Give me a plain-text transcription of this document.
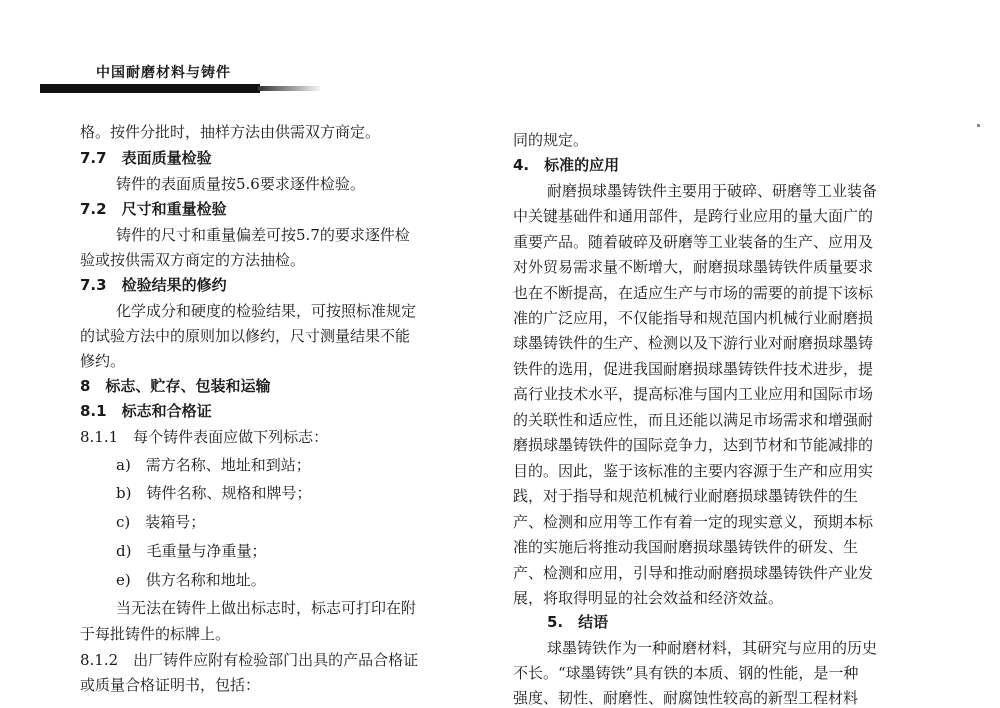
中国耐磨材料与铸件
格。按件分批时，抽样方法由供需双方商定。
7.7　表面质量检验
铸件的表面质量按5.6要求逐件检验。
7.2　尺寸和重量检验
铸件的尺寸和重量偏差可按5.7的要求逐件检
验或按供需双方商定的方法抽检。
7.3　检验结果的修约
化学成分和硬度的检验结果，可按照标准规定
的试验方法中的原则加以修约，尺寸测量结果不能
修约。
8　标志、贮存、包装和运输
8.1　标志和合格证
8.1.1　每个铸件表面应做下列标志：
a)　需方名称、地址和到站；
b)　铸件名称、规格和牌号；
c)　装箱号；
d)　毛重量与净重量；
e)　供方名称和地址。
当无法在铸件上做出标志时，标志可打印在附
于每批铸件的标牌上。
8.1.2　出厂铸件应附有检验部门出具的产品合格证
或质量合格证明书，包括：
同的规定。
4.　标准的应用
耐磨损球墨铸铁件主要用于破碎、研磨等工业装备
中关键基础件和通用部件，是跨行业应用的量大面广的
重要产品。随着破碎及研磨等工业装备的生产、应用及
对外贸易需求量不断增大，耐磨损球墨铸铁件质量要求
也在不断提高，在适应生产与市场的需要的前提下该标
准的广泛应用，不仅能指导和规范国内机械行业耐磨损
球墨铸铁件的生产、检测以及下游行业对耐磨损球墨铸
铁件的选用，促进我国耐磨损球墨铸铁件技术进步，提
高行业技术水平，提高标准与国内工业应用和国际市场
的关联性和适应性，而且还能以满足市场需求和增强耐
磨损球墨铸铁件的国际竞争力，达到节材和节能减排的
目的。因此，鉴于该标准的主要内容源于生产和应用实
践，对于指导和规范机械行业耐磨损球墨铸铁件的生
产、检测和应用等工作有着一定的现实意义，预期本标
准的实施后将推动我国耐磨损球墨铸铁件的研发、生
产、检测和应用，引导和推动耐磨损球墨铸铁件产业发
展，将取得明显的社会效益和经济效益。
5.　结语
球墨铸铁作为一种耐磨材料，其研究与应用的历史
不长。“球墨铸铁”具有铁的本质、钢的性能，是一种
强度、韧性、耐磨性、耐腐蚀性较高的新型工程材料
